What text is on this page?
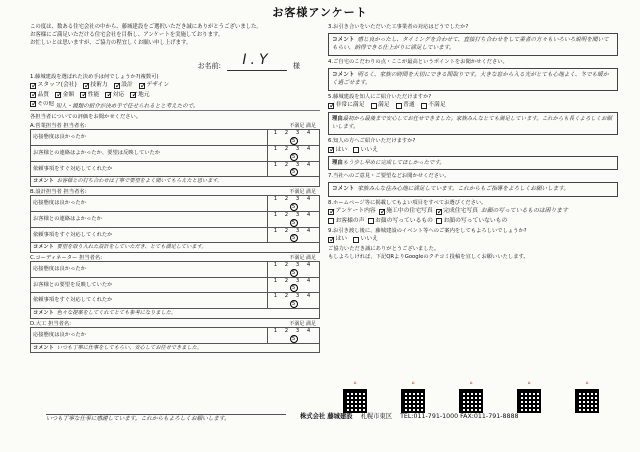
お客様アンケート

この度は、数ある住宅会社の中から、藤城建設をご選択いただき誠にありがとうございました。

お客様にご満足いただける住宅会社を目指し、アンケートを実施しております。

お忙しいとは思いますが、ご協力の程宜しくお願い申し上げます。

お名前:	I.Y	様
1.藤城建設を選ばれた決め手は何でしょうか?(複数可)
✓
スタッフ(会社) ✓ 技術力 ✓ 設計 ✓ デザイン
✓
品質 ✓ 金額 ✓ 性能 ✓ 対応 ✓ 地元
✓
その他 知人・親類の紹介が決め手で任せられるとと考えたので。
各担当者についての評価をお聞かせください。
A.営業担当者 担当者名:	不満足 満足
応接態度は良かったか	1 2 3 4 5
お客様との連絡はよかったか、要望は反映していたか	1 2 3 4 5
依頼事項をすぐ対応してくれたか	1 2 3 4 5
コメント お客様との打ち合わせは丁寧で要望をよく聞いてもらえたと思います。
B.設計担当者 担当者名:	不満足 満足
応接態度は良かったか	1 2 3 4 5
お客様との連絡はよかったか	1 2 3 4 5
依頼事項をすぐ対応してくれたか	1 2 3 4 5
コメント 要望を取り入れた設計をしていただき、とても満足しています。
C.コーディネーター 担当者名:	不満足 満足
応接態度は良かったか	1 2 3 4 5
お客様との要望を反映していたか	1 2 3 4 5
依頼事項をすぐ対応してくれたか	1 2 3 4 5
コメント 色々な提案をしてくれてとても参考になりました。
D.大工 担当者名:	不満足 満足
応接態度は良かったか	1 2 3 4 5
コメント いつも丁寧に仕事をしてもらい、安心してお任せできました。
3.お引き合いをいただいた工事業者の対応はどうでしたか?
コメント 感じ良かったし、タイミングを合わせて、直接打ち合わせをして業者の方々もいろいろ説明を聞いてもらい、納得できる仕上がりに満足しています。
4.ご自宅のこだわりの点・ここが最高というポイントをお聞かせください。
コメント 明るく、家族の時間を大切にできる間取りです。大きな窓から入る光がとても心地よく、冬でも暖かく過ごせます。
5.藤城建設を知人にご紹介いただけますか?
✓
非常に満足 満足 普通 不満足
理由最初から最後まで安心してお任せできました。家族みんなとても満足しています。これからも長くよろしくお願いします。
6.知人の方へご紹介いただけますか?
✓
はい いいえ
理由もう少し早めに完成してほしかったです。
7.当社へのご意見・ご要望などお聞かせください。
コメント 家族みんな住み心地に満足しています。これからもご指導をよろしくお願いします。
8.ホームページ等に掲載してもよい項目をすべてお選びください。
✓
アンケート内容 ✓ 施工中の住宅写真 ✓ 完成住宅写真 お顔の写っているものは困ります
お客様の声 お顔の写っているもの お顔の写っていないもの
9.お引き渡し後に、藤城建設のイベント等へのご案内をしてもよろしいでしょうか?
✓
はい いいえ
ご協力いただき誠にありがとうございました。
もしよろしければ、下記QRよりGoogleのクチコミ投稿を宜しくお願いいたします。
⌂	⌂	⌂	⌂	⌂
いつも丁寧な仕事に感謝しています。これからもよろしくお願いします。	株式会社 藤城建設 札幌市東区 TEL:011-791-1000 FAX:011-791-8888
